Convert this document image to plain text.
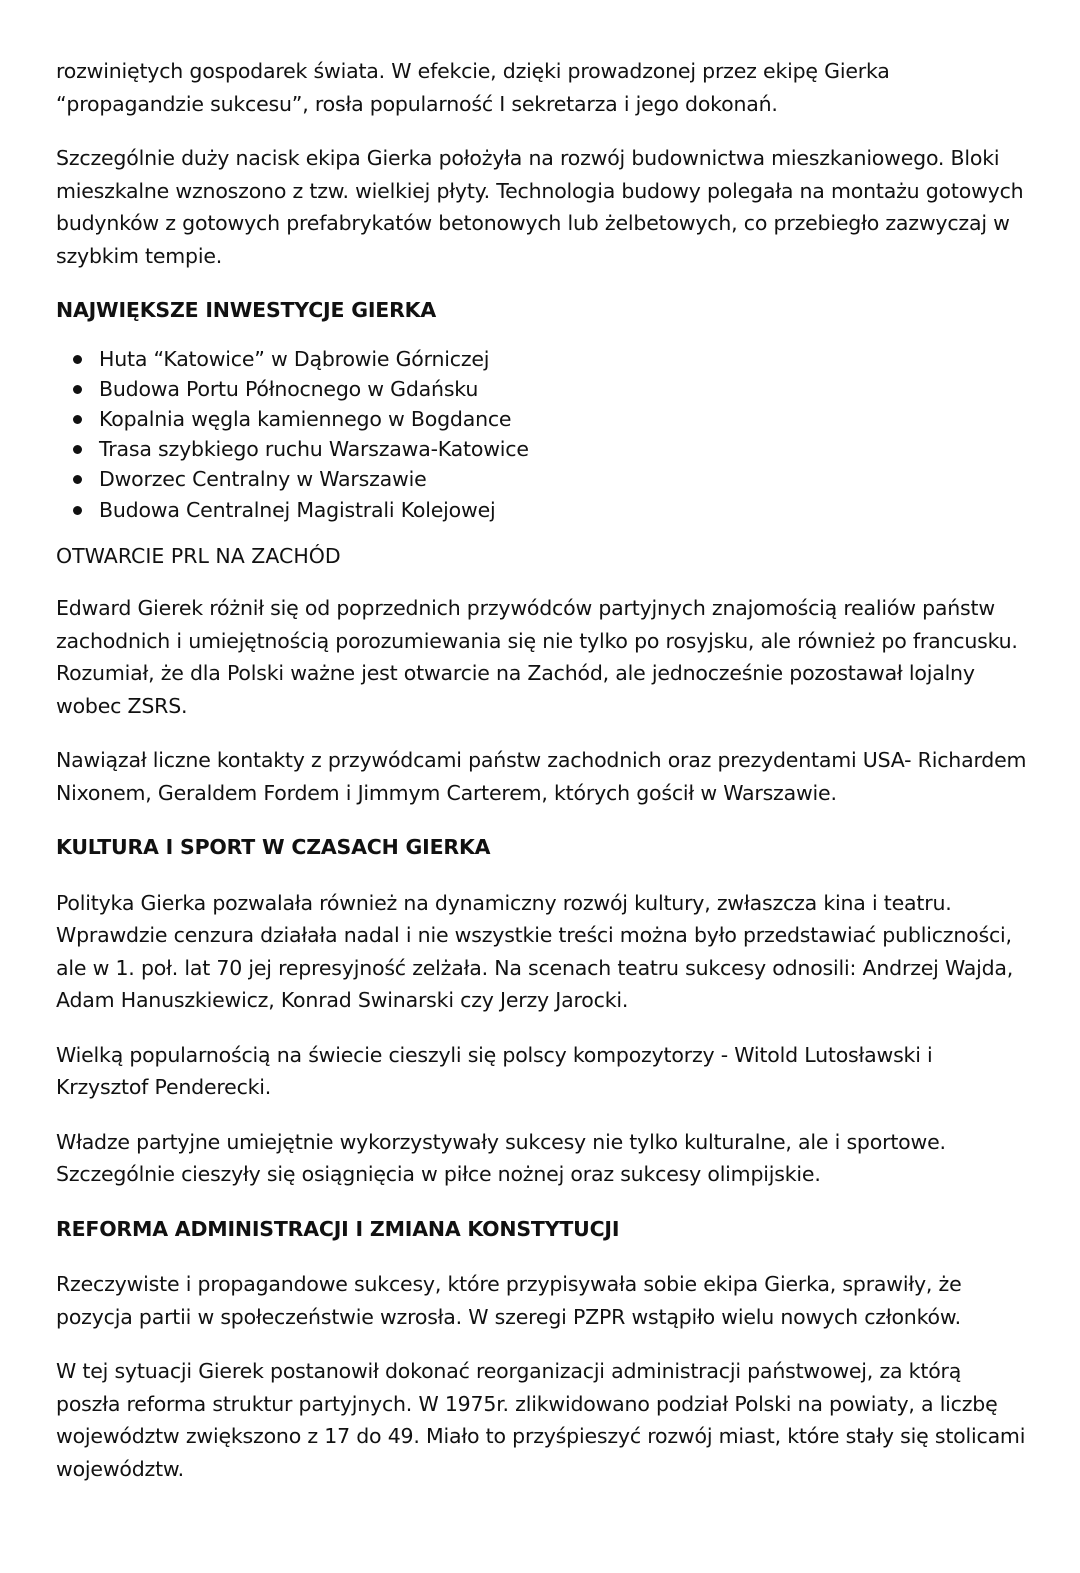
rozwiniętych gospodarek świata. W efekcie, dzięki prowadzonej przez ekipę Gierka “propagandzie sukcesu”, rosła popularność I sekretarza i jego dokonań.

Szczególnie duży nacisk ekipa Gierka położyła na rozwój budownictwa mieszkaniowego. Bloki mieszkalne wznoszono z tzw. wielkiej płyty. Technologia budowy polegała na montażu gotowych budynków z gotowych prefabrykatów betonowych lub żelbetowych, co przebiegło zazwyczaj w szybkim tempie.

NAJWIĘKSZE INWESTYCJE GIERKA
Huta “Katowice” w Dąbrowie Górniczej
Budowa Portu Północnego w Gdańsku
Kopalnia węgla kamiennego w Bogdance
Trasa szybkiego ruchu Warszawa-Katowice
Dworzec Centralny w Warszawie
Budowa Centralnej Magistrali Kolejowej
OTWARCIE PRL NA ZACHÓD

Edward Gierek różnił się od poprzednich przywódców partyjnych znajomością realiów państw zachodnich i umiejętnością porozumiewania się nie tylko po rosyjsku, ale również po francusku. Rozumiał, że dla Polski ważne jest otwarcie na Zachód, ale jednocześnie pozostawał lojalny wobec ZSRS.

Nawiązał liczne kontakty z przywódcami państw zachodnich oraz prezydentami USA- Richardem Nixonem, Geraldem Fordem i Jimmym Carterem, których gościł w Warszawie.

KULTURA I SPORT W CZASACH GIERKA

Polityka Gierka pozwalała również na dynamiczny rozwój kultury, zwłaszcza kina i teatru. Wprawdzie cenzura działała nadal i nie wszystkie treści można było przedstawiać publiczności, ale w 1. poł. lat 70 jej represyjność zelżała. Na scenach teatru sukcesy odnosili: Andrzej Wajda, Adam Hanuszkiewicz, Konrad Swinarski czy Jerzy Jarocki.

Wielką popularnością na świecie cieszyli się polscy kompozytorzy - Witold Lutosławski i Krzysztof Penderecki.

Władze partyjne umiejętnie wykorzystywały sukcesy nie tylko kulturalne, ale i sportowe. Szczególnie cieszyły się osiągnięcia w piłce nożnej oraz sukcesy olimpijskie.

REFORMA ADMINISTRACJI I ZMIANA KONSTYTUCJI

Rzeczywiste i propagandowe sukcesy, które przypisywała sobie ekipa Gierka, sprawiły, że pozycja partii w społeczeństwie wzrosła. W szeregi PZPR wstąpiło wielu nowych członków.

W tej sytuacji Gierek postanowił dokonać reorganizacji administracji państwowej, za którą poszła reforma struktur partyjnych. W 1975r. zlikwidowano podział Polski na powiaty, a liczbę województw zwiększono z 17 do 49. Miało to przyśpieszyć rozwój miast, które stały się stolicami województw.
